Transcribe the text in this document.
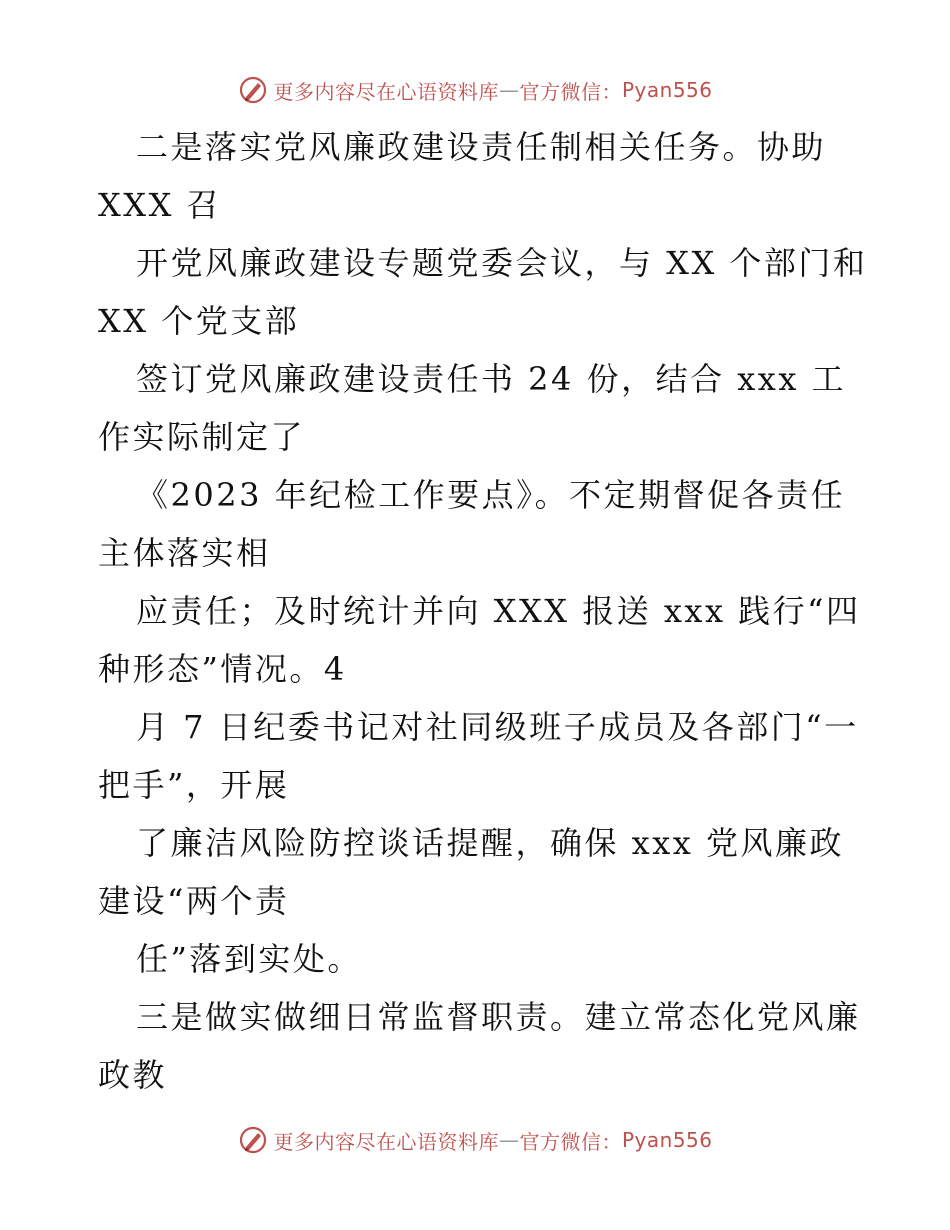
更多内容尽在心语资料库 — 官方微信： Pyan556
二是落实党风廉政建设责任制相关任务。协助
XXX 召
开党风廉政建设专题党委会议，与 XX 个部门和
XX 个党支部
签订党风廉政建设责任书 24 份，结合 xxx 工
作实际制定了
《2023 年纪检工作要点》。不定期督促各责任
主体落实相
应责任；及时统计并向 XXX 报送 xxx 践行“四
种形态”情况。4
月 7 日纪委书记对社同级班子成员及各部门“一
把手”，开展
了廉洁风险防控谈话提醒，确保 xxx 党风廉政
建设“两个责
任”落到实处。
三是做实做细日常监督职责。建立常态化党风廉
政教
更多内容尽在心语资料库 — 官方微信： Pyan556
